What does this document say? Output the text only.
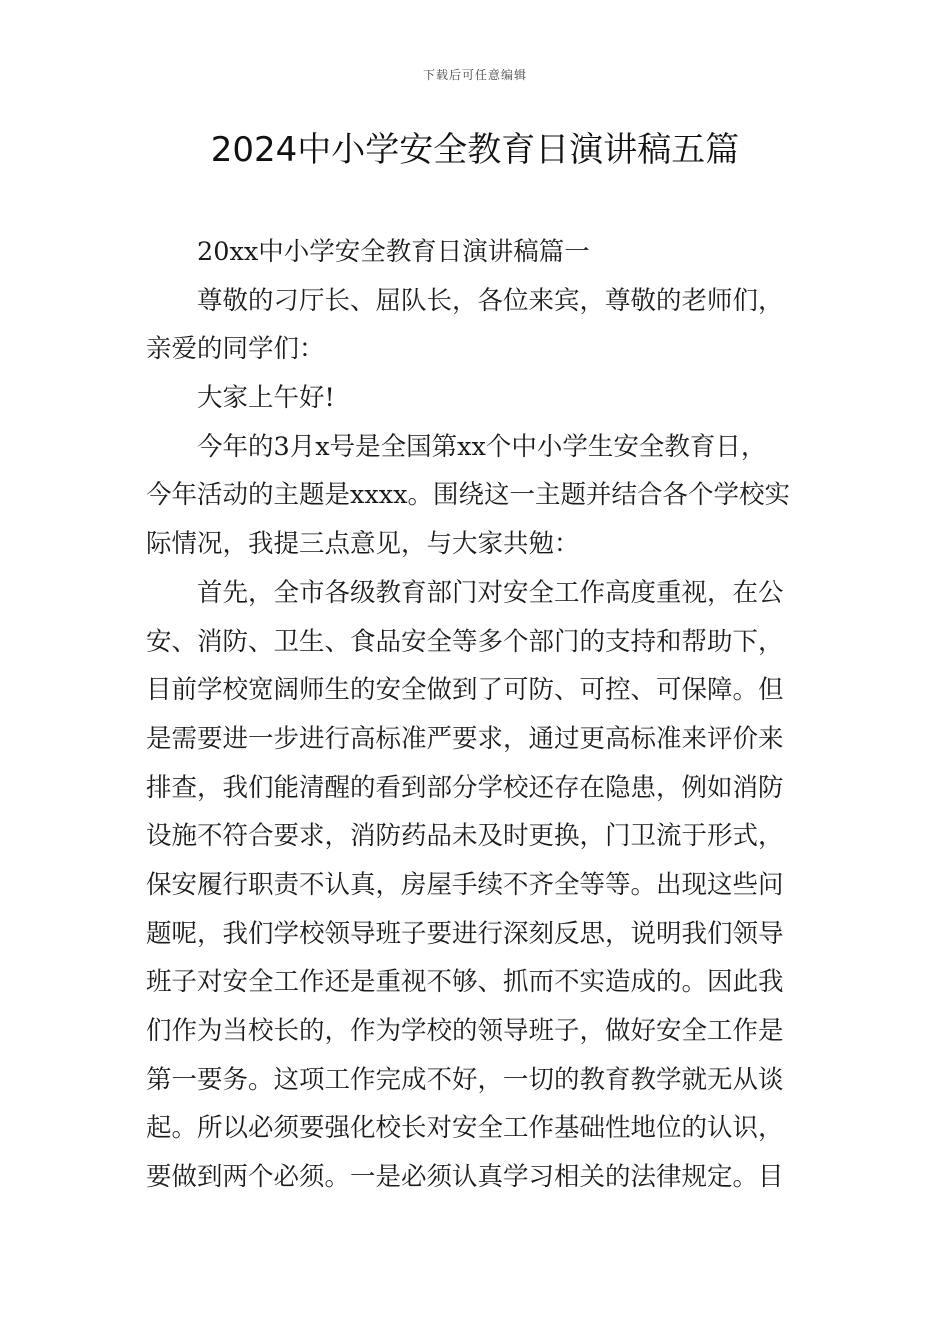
下载后可任意编辑
2024中小学安全教育日演讲稿五篇
20xx中小学安全教育日演讲稿篇一
尊敬的刁厅长、屈队长，各位来宾，尊敬的老师们，
亲爱的同学们：
大家上午好!
今年的3月x号是全国第xx个中小学生安全教育日，
今年活动的主题是xxxx。围绕这一主题并结合各个学校实
际情况，我提三点意见，与大家共勉：
首先，全市各级教育部门对安全工作高度重视，在公
安、消防、卫生、食品安全等多个部门的支持和帮助下，
目前学校宽阔师生的安全做到了可防、可控、可保障。但
是需要进一步进行高标准严要求，通过更高标准来评价来
排查，我们能清醒的看到部分学校还存在隐患，例如消防
设施不符合要求，消防药品未及时更换，门卫流于形式，
保安履行职责不认真，房屋手续不齐全等等。出现这些问
题呢，我们学校领导班子要进行深刻反思，说明我们领导
班子对安全工作还是重视不够、抓而不实造成的。因此我
们作为当校长的，作为学校的领导班子，做好安全工作是
第一要务。这项工作完成不好，一切的教育教学就无从谈
起。所以必须要强化校长对安全工作基础性地位的认识，
要做到两个必须。一是必须认真学习相关的法律规定。目
